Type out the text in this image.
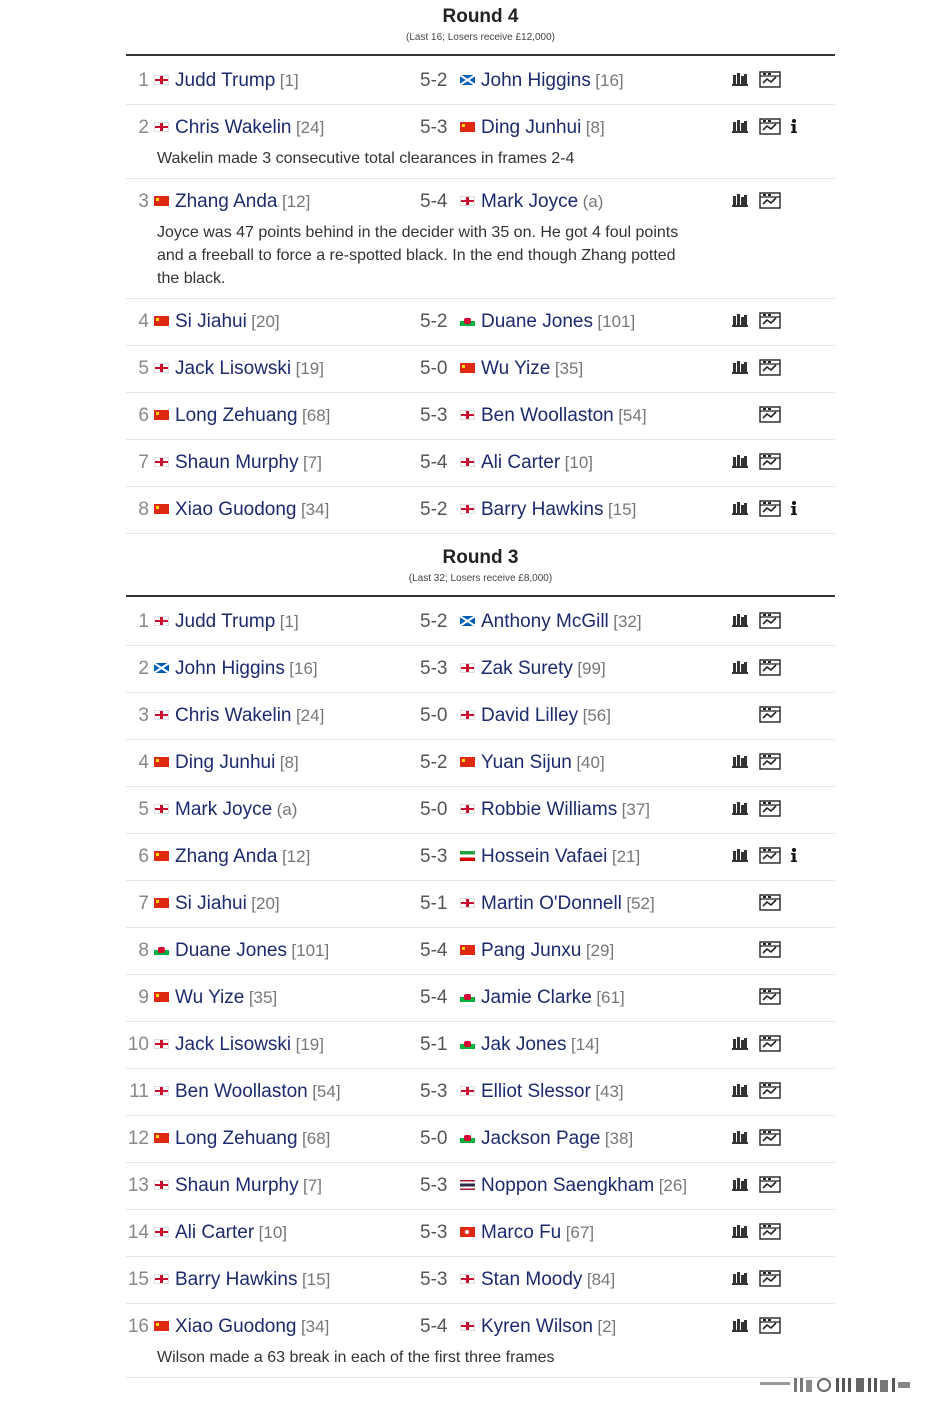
Round 4
(Last 16; Losers receive £12,000)
1	Judd Trump [1]	5-2	John Higgins [16]
2	Chris Wakelin [24]	5-3	Ding Junhui [8]
Wakelin made 3 consecutive total clearances in frames 2-4
3	Zhang Anda [12]	5-4	Mark Joyce (a)
Joyce was 47 points behind in the decider with 35 on. He got 4 foul points and a freeball to force a re-spotted black. In the end though Zhang potted the black.
4	Si Jiahui [20]	5-2	Duane Jones [101]
5	Jack Lisowski [19]	5-0	Wu Yize [35]
6	Long Zehuang [68]	5-3	Ben Woollaston [54]
7	Shaun Murphy [7]	5-4	Ali Carter [10]
8	Xiao Guodong [34]	5-2	Barry Hawkins [15]
Round 3
(Last 32; Losers receive £8,000)
1	Judd Trump [1]	5-2	Anthony McGill [32]
2	John Higgins [16]	5-3	Zak Surety [99]
3	Chris Wakelin [24]	5-0	David Lilley [56]
4	Ding Junhui [8]	5-2	Yuan Sijun [40]
5	Mark Joyce (a)	5-0	Robbie Williams [37]
6	Zhang Anda [12]	5-3	Hossein Vafaei [21]
7	Si Jiahui [20]	5-1	Martin O'Donnell [52]
8	Duane Jones [101]	5-4	Pang Junxu [29]
9	Wu Yize [35]	5-4	Jamie Clarke [61]
10	Jack Lisowski [19]	5-1	Jak Jones [14]
11	Ben Woollaston [54]	5-3	Elliot Slessor [43]
12	Long Zehuang [68]	5-0	Jackson Page [38]
13	Shaun Murphy [7]	5-3	Noppon Saengkham [26]
14	Ali Carter [10]	5-3	Marco Fu [67]
15	Barry Hawkins [15]	5-3	Stan Moody [84]
16	Xiao Guodong [34]	5-4	Kyren Wilson [2]
Wilson made a 63 break in each of the first three frames
